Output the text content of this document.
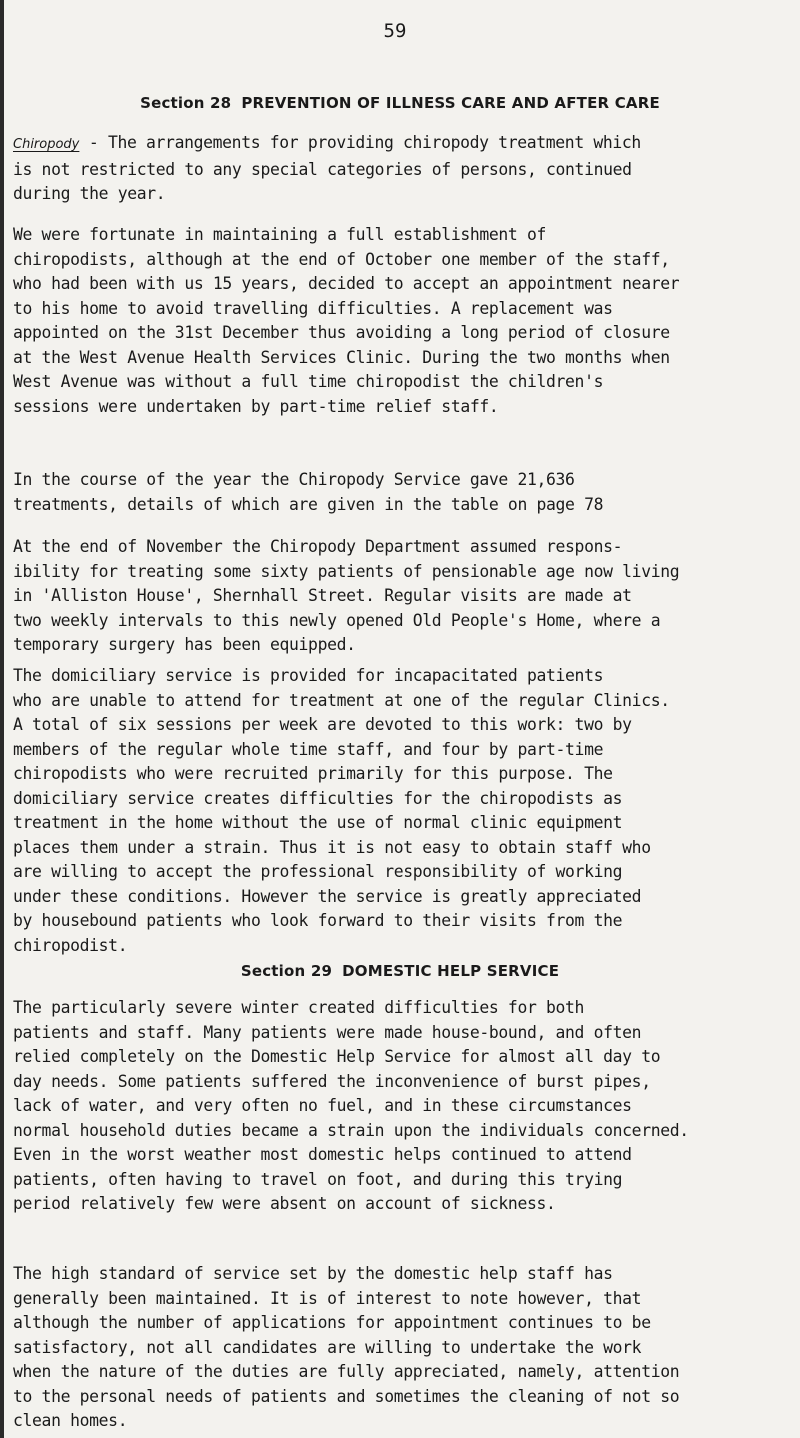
59
Section 28 PREVENTION OF ILLNESS CARE AND AFTER CARE

Chiropody - The arrangements for providing chiropody treatment which
is not restricted to any special categories of persons, continued
during the year.

We were fortunate in maintaining a full establishment of
chiropodists, although at the end of October one member of the staff,
who had been with us 15 years, decided to accept an appointment nearer
to his home to avoid travelling difficulties. A replacement was
appointed on the 31st December thus avoiding a long period of closure
at the West Avenue Health Services Clinic. During the two months when
West Avenue was without a full time chiropodist the children's
sessions were undertaken by part-time relief staff.

In the course of the year the Chiropody Service gave 21,636
treatments, details of which are given in the table on page 78

At the end of November the Chiropody Department assumed respons-
ibility for treating some sixty patients of pensionable age now living
in 'Alliston House', Shernhall Street. Regular visits are made at
two weekly intervals to this newly opened Old People's Home, where a
temporary surgery has been equipped.

The domiciliary service is provided for incapacitated patients
who are unable to attend for treatment at one of the regular Clinics.
A total of six sessions per week are devoted to this work: two by
members of the regular whole time staff, and four by part-time
chiropodists who were recruited primarily for this purpose. The
domiciliary service creates difficulties for the chiropodists as
treatment in the home without the use of normal clinic equipment
places them under a strain. Thus it is not easy to obtain staff who
are willing to accept the professional responsibility of working
under these conditions. However the service is greatly appreciated
by housebound patients who look forward to their visits from the
chiropodist.

Section 29 DOMESTIC HELP SERVICE

The particularly severe winter created difficulties for both
patients and staff. Many patients were made house-bound, and often
relied completely on the Domestic Help Service for almost all day to
day needs. Some patients suffered the inconvenience of burst pipes,
lack of water, and very often no fuel, and in these circumstances
normal household duties became a strain upon the individuals concerned.
Even in the worst weather most domestic helps continued to attend
patients, often having to travel on foot, and during this trying
period relatively few were absent on account of sickness.

The high standard of service set by the domestic help staff has
generally been maintained. It is of interest to note however, that
although the number of applications for appointment continues to be
satisfactory, not all candidates are willing to undertake the work
when the nature of the duties are fully appreciated, namely, attention
to the personal needs of patients and sometimes the cleaning of not so
clean homes.
